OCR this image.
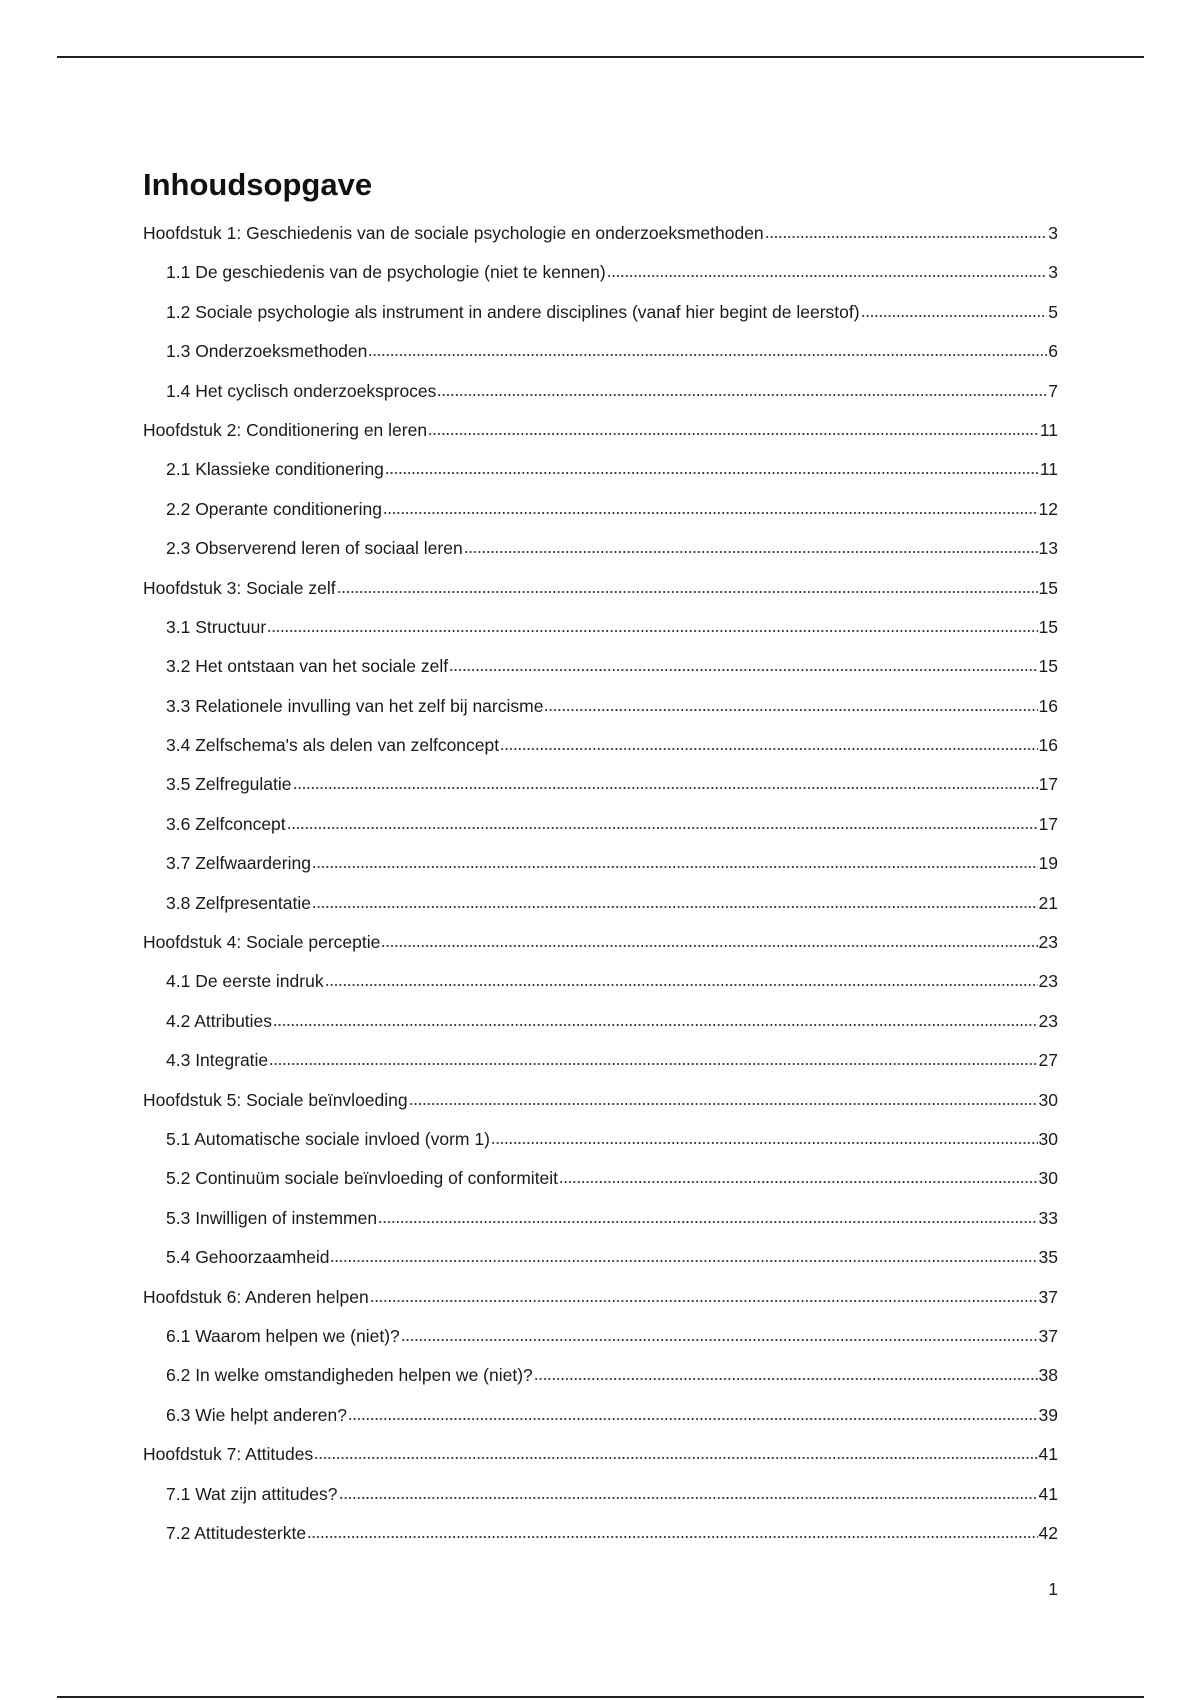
Inhoudsopgave
Hoofdstuk 1: Geschiedenis van de sociale psychologie en onderzoeksmethoden	3
1.1 De geschiedenis van de psychologie (niet te kennen)	3
1.2 Sociale psychologie als instrument in andere disciplines (vanaf hier begint de leerstof)	5
1.3 Onderzoeksmethoden	6
1.4 Het cyclisch onderzoeksproces	7
Hoofdstuk 2: Conditionering en leren	11
2.1 Klassieke conditionering	11
2.2 Operante conditionering	12
2.3 Observerend leren of sociaal leren	13
Hoofdstuk 3: Sociale zelf	15
3.1 Structuur	15
3.2 Het ontstaan van het sociale zelf	15
3.3 Relationele invulling van het zelf bij narcisme	16
3.4 Zelfschema's als delen van zelfconcept	16
3.5 Zelfregulatie	17
3.6 Zelfconcept	17
3.7 Zelfwaardering	19
3.8 Zelfpresentatie	21
Hoofdstuk 4: Sociale perceptie	23
4.1 De eerste indruk	23
4.2 Attributies	23
4.3 Integratie	27
Hoofdstuk 5: Sociale beïnvloeding	30
5.1 Automatische sociale invloed (vorm 1)	30
5.2 Continuüm sociale beïnvloeding of conformiteit	30
5.3 Inwilligen of instemmen	33
5.4 Gehoorzaamheid	35
Hoofdstuk 6: Anderen helpen	37
6.1 Waarom helpen we (niet)?	37
6.2 In welke omstandigheden helpen we (niet)?	38
6.3 Wie helpt anderen?	39
Hoofdstuk 7: Attitudes	41
7.1 Wat zijn attitudes?	41
7.2 Attitudesterkte	42
1
